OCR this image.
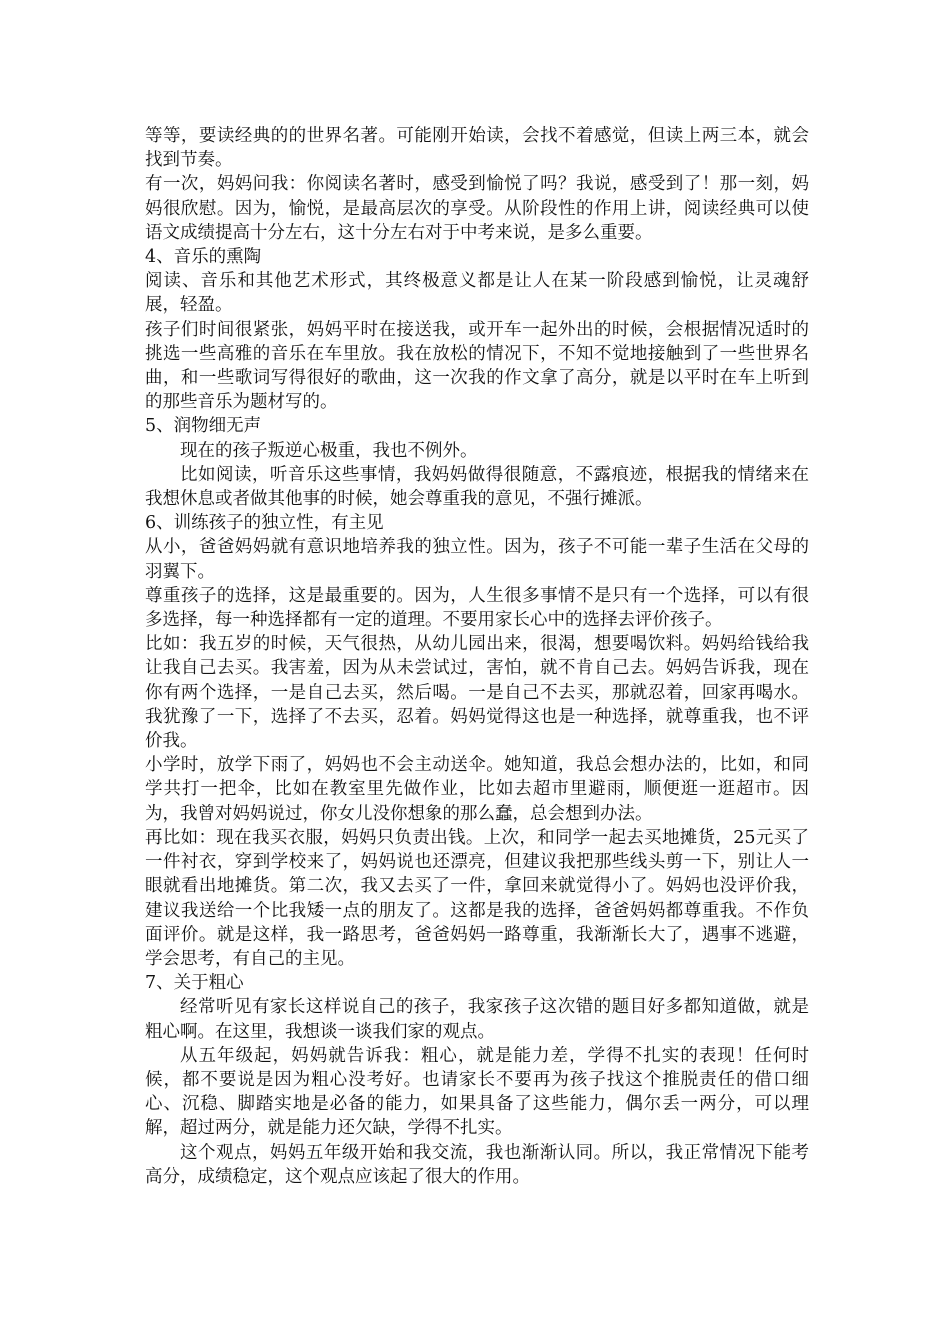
等等，要读经典的的世界名著。可能刚开始读，会找不着感觉，但读上两三本，就会找到节奏。

有一次，妈妈问我：你阅读名著时，感受到愉悦了吗？我说，感受到了！那一刻，妈妈很欣慰。因为，愉悦，是最高层次的享受。从阶段性的作用上讲，阅读经典可以使语文成绩提高十分左右，这十分左右对于中考来说，是多么重要。

4、音乐的熏陶

阅读、音乐和其他艺术形式，其终极意义都是让人在某一阶段感到愉悦，让灵魂舒展，轻盈。

孩子们时间很紧张，妈妈平时在接送我，或开车一起外出的时候，会根据情况适时的挑选一些高雅的音乐在车里放。我在放松的情况下，不知不觉地接触到了一些世界名曲，和一些歌词写得很好的歌曲，这一次我的作文拿了高分，就是以平时在车上听到的那些音乐为题材写的。

5、润物细无声

现在的孩子叛逆心极重，我也不例外。

比如阅读，听音乐这些事情，我妈妈做得很随意，不露痕迹，根据我的情绪来在我想休息或者做其他事的时候，她会尊重我的意见，不强行摊派。

6、训练孩子的独立性，有主见

从小，爸爸妈妈就有意识地培养我的独立性。因为，孩子不可能一辈子生活在父母的羽翼下。

尊重孩子的选择，这是最重要的。因为，人生很多事情不是只有一个选择，可以有很多选择，每一种选择都有一定的道理。不要用家长心中的选择去评价孩子。

比如：我五岁的时候，天气很热，从幼儿园出来，很渴，想要喝饮料。妈妈给钱给我让我自己去买。我害羞，因为从未尝试过，害怕，就不肯自己去。妈妈告诉我，现在你有两个选择，一是自己去买，然后喝。一是自己不去买，那就忍着，回家再喝水。我犹豫了一下，选择了不去买，忍着。妈妈觉得这也是一种选择，就尊重我，也不评价我。

小学时，放学下雨了，妈妈也不会主动送伞。她知道，我总会想办法的，比如，和同学共打一把伞，比如在教室里先做作业，比如去超市里避雨，顺便逛一逛超市。因为，我曾对妈妈说过，你女儿没你想象的那么蠢，总会想到办法。

再比如：现在我买衣服，妈妈只负责出钱。上次，和同学一起去买地摊货，25元买了一件衬衣，穿到学校来了，妈妈说也还漂亮，但建议我把那些线头剪一下，别让人一眼就看出地摊货。第二次，我又去买了一件，拿回来就觉得小了。妈妈也没评价我，建议我送给一个比我矮一点的朋友了。这都是我的选择，爸爸妈妈都尊重我。不作负面评价。就是这样，我一路思考，爸爸妈妈一路尊重，我渐渐长大了，遇事不逃避，学会思考，有自己的主见。

7、关于粗心

经常听见有家长这样说自己的孩子，我家孩子这次错的题目好多都知道做，就是粗心啊。在这里，我想谈一谈我们家的观点。

从五年级起，妈妈就告诉我：粗心，就是能力差，学得不扎实的表现！任何时候，都不要说是因为粗心没考好。也请家长不要再为孩子找这个推脱责任的借口细心、沉稳、脚踏实地是必备的能力，如果具备了这些能力，偶尔丢一两分，可以理解，超过两分，就是能力还欠缺，学得不扎实。

这个观点，妈妈五年级开始和我交流，我也渐渐认同。所以，我正常情况下能考高分，成绩稳定，这个观点应该起了很大的作用。
